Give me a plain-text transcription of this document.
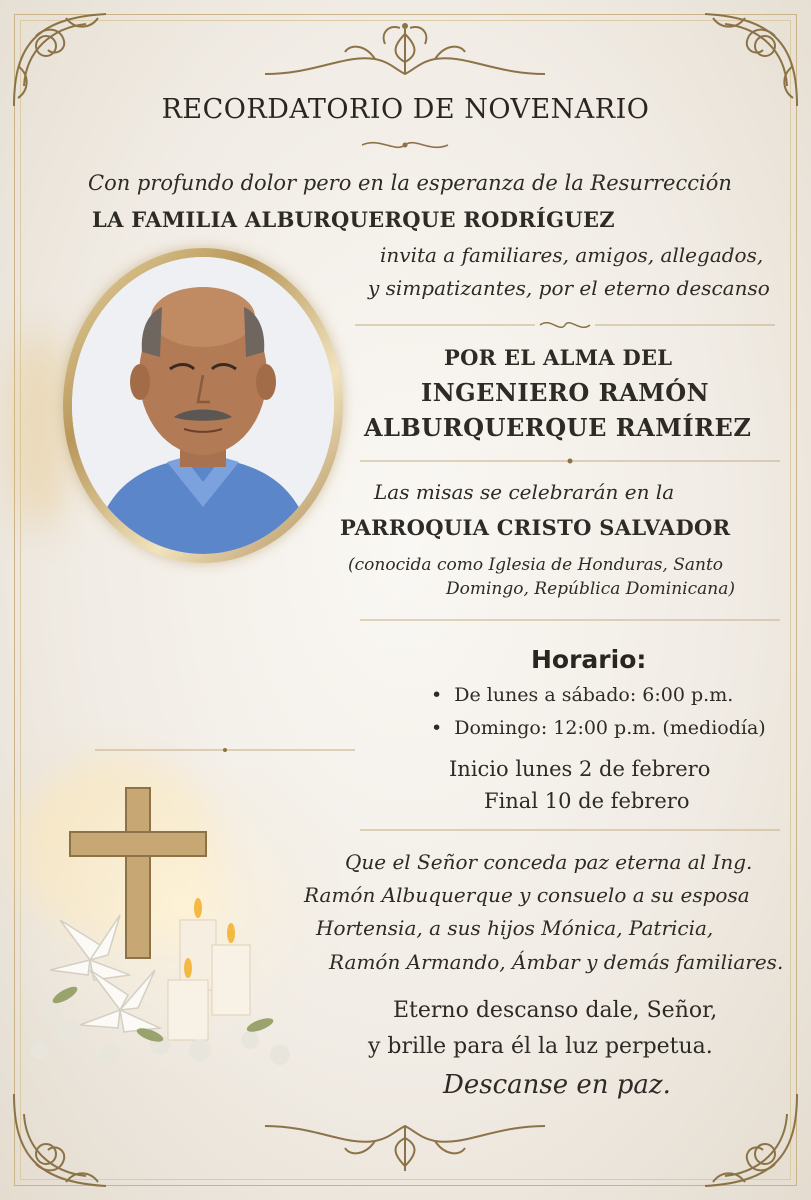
RECORDATORIO DE NOVENARIO
Con profundo dolor pero en la esperanza de la Resurrección
LA FAMILIA ALBURQUERQUE RODRÍGUEZ
invita a familiares, amigos, allegados,
y simpatizantes, por el eterno descanso
POR EL ALMA DEL
INGENIERO RAMÓN
ALBURQUERQUE RAMÍREZ
Las misas se celebrarán en la
PARROQUIA CRISTO SALVADOR
(conocida como Iglesia de Honduras, Santo
Domingo, República Dominicana)
Horario:
• De lunes a sábado: 6:00 p.m.
• Domingo: 12:00 p.m. (mediodía)
Inicio lunes 2 de febrero
Final 10 de febrero
Que el Señor conceda paz eterna al Ing.
Ramón Albuquerque y consuelo a su esposa
Hortensia, a sus hijos Mónica, Patricia,
Ramón Armando, Ámbar y demás familiares.
Eterno descanso dale, Señor,
y brille para él la luz perpetua.
Descanse en paz.
